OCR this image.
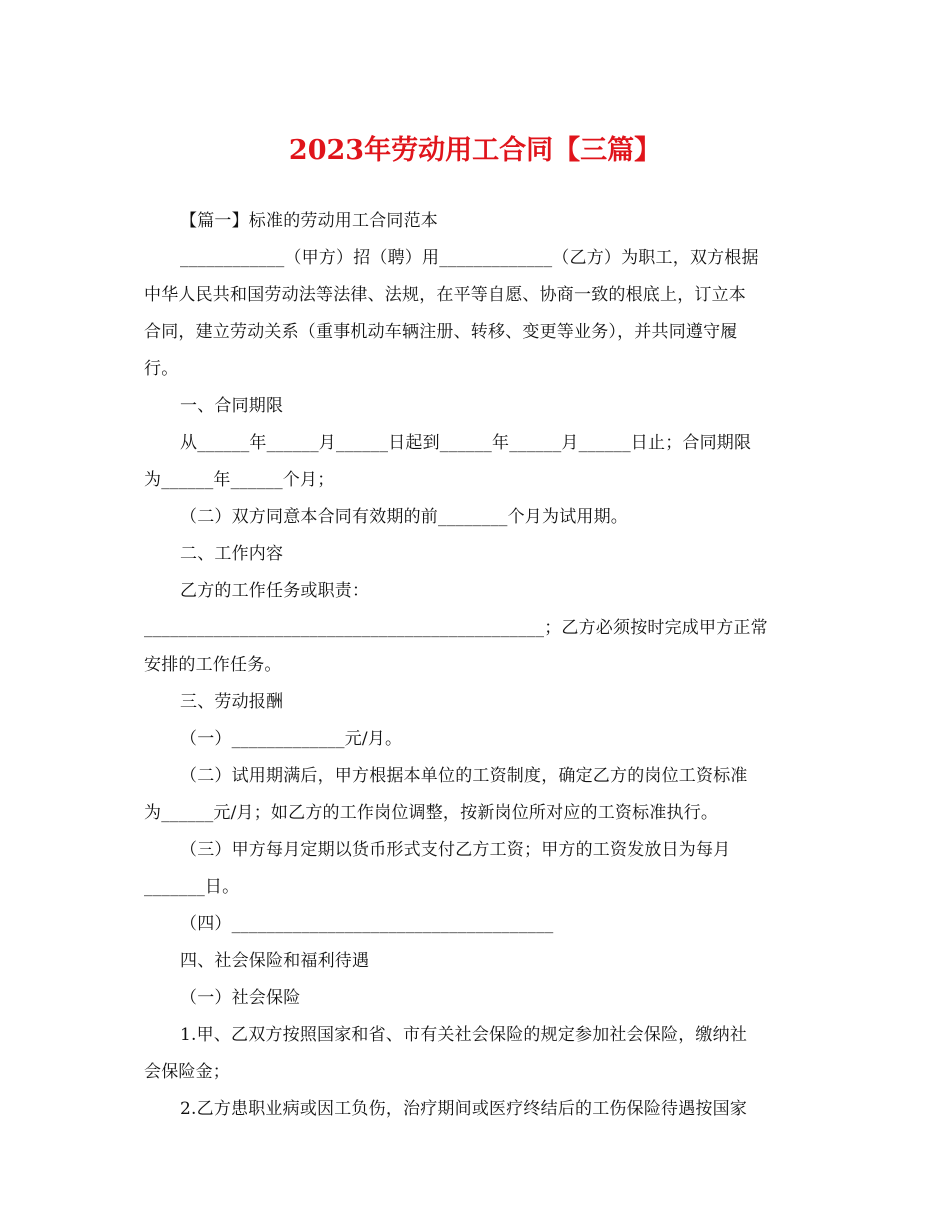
2023年劳动用工合同【三篇】
【篇一】标准的劳动用工合同范本
____________（甲方）招（聘）用_____________（乙方）为职工，双方根据
中华人民共和国劳动法等法律、法规，在平等自愿、协商一致的根底上，订立本
合同，建立劳动关系（重事机动车辆注册、转移、变更等业务），并共同遵守履
行。
一、合同期限
从______年______月______日起到______年______月______日止；合同期限
为______年______个月；
（二）双方同意本合同有效期的前________个月为试用期。
二、工作内容
乙方的工作任务或职责：
______________________________________________；乙方必须按时完成甲方正常
安排的工作任务。
三、劳动报酬
（一）_____________元/月。
（二）试用期满后，甲方根据本单位的工资制度，确定乙方的岗位工资标准
为______元/月；如乙方的工作岗位调整，按新岗位所对应的工资标准执行。
（三）甲方每月定期以货币形式支付乙方工资；甲方的工资发放日为每月
_______日。
（四）_____________________________________
四、社会保险和福利待遇
（一）社会保险
1.甲、乙双方按照国家和省、市有关社会保险的规定参加社会保险，缴纳社
会保险金；
2.乙方患职业病或因工负伤，治疗期间或医疗终结后的工伤保险待遇按国家
